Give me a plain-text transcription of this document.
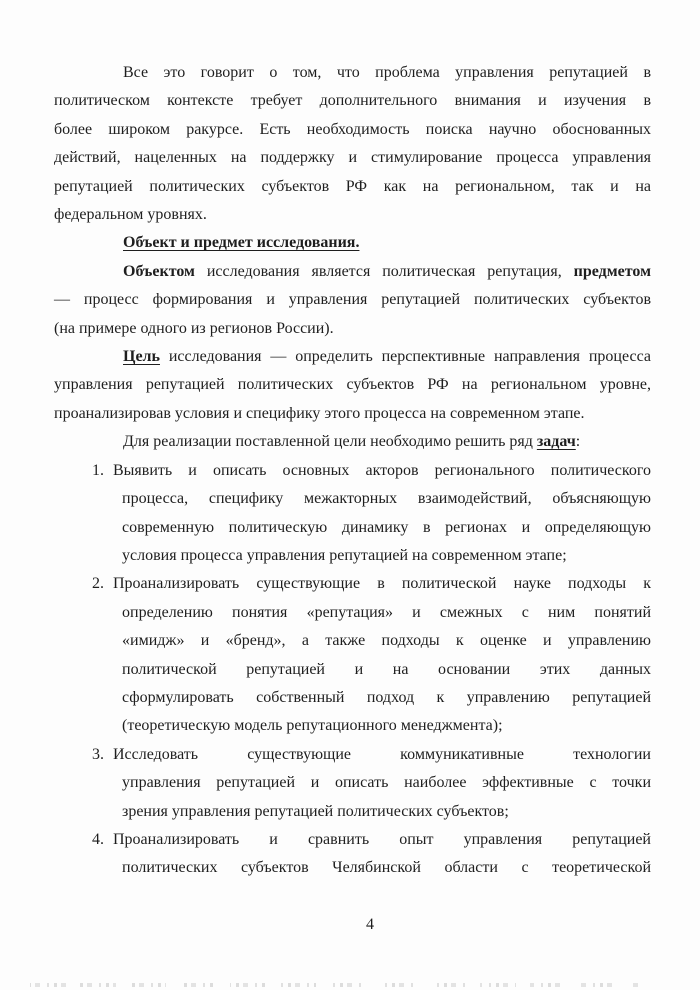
Все это говорит о том, что проблема управления репутацией в
политическом контексте требует дополнительного внимания и изучения в
более широком ракурсе. Есть необходимость поиска научно обоснованных
действий, нацеленных на поддержку и стимулирование процесса управления
репутацией политических субъектов РФ как на региональном, так и на
федеральном уровнях.
Объект и предмет исследования.
Объектом исследования является политическая репутация, предметом
— процесс формирования и управления репутацией политических субъектов
(на примере одного из регионов России).
Цель исследования — определить перспективные направления процесса
управления репутацией политических субъектов РФ на региональном уровне,
проанализировав условия и специфику этого процесса на современном этапе.
Для реализации поставленной цели необходимо решить ряд задач:
1. Выявить и описать основных акторов регионального политического
процесса, специфику межакторных взаимодействий, объясняющую
современную политическую динамику в регионах и определяющую
условия процесса управления репутацией на современном этапе;
2. Проанализировать существующие в политической науке подходы к
определению понятия «репутация» и смежных с ним понятий
«имидж» и «бренд», а также подходы к оценке и управлению
политической репутацией и на основании этих данных
сформулировать собственный подход к управлению репутацией
(теоретическую модель репутационного менеджмента);
3. Исследовать существующие коммуникативные технологии
управления репутацией и описать наиболее эффективные с точки
зрения управления репутацией политических субъектов;
4. Проанализировать и сравнить опыт управления репутацией
политических субъектов Челябинской области с теоретической
4
